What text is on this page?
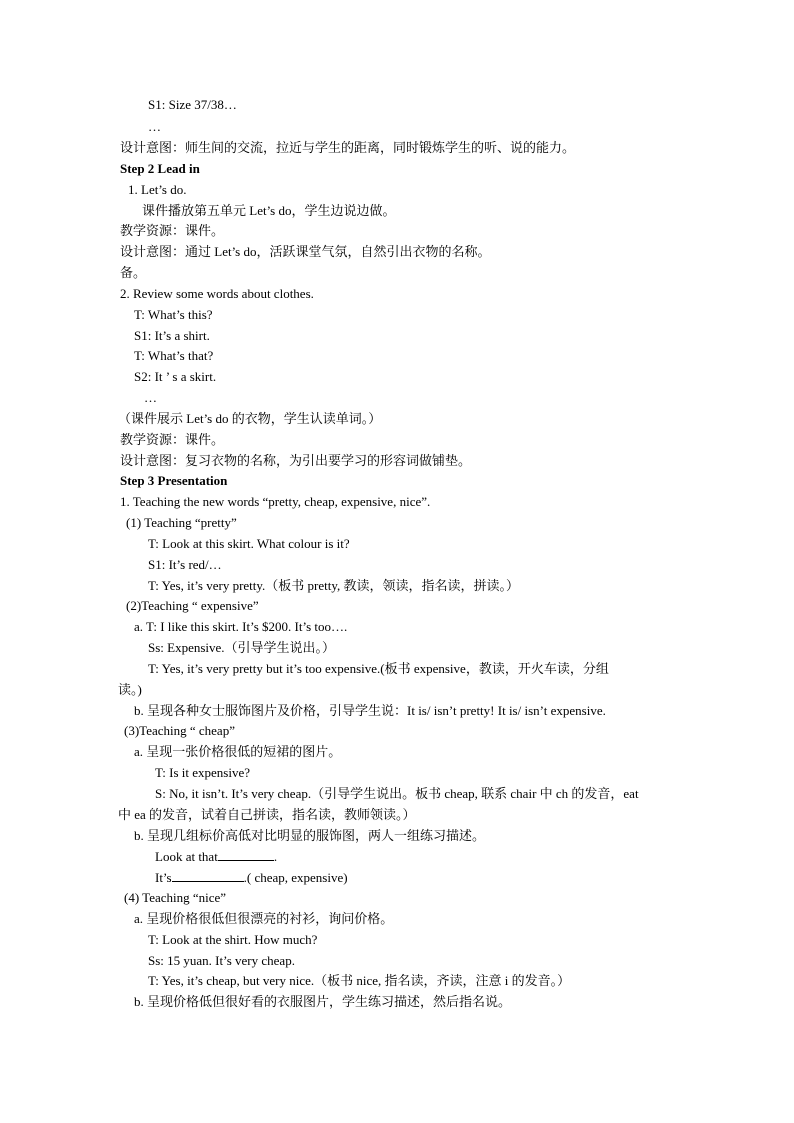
S1: Size 37/38…
…
设计意图：师生间的交流，拉近与学生的距离，同时锻炼学生的听、说的能力。
Step 2 Lead in
1. Let’s do.
课件播放第五单元 Let’s do，学生边说边做。
教学资源：课件。
设计意图：通过 Let’s do，活跃课堂气氛，自然引出衣物的名称。
备。
2. Review some words about clothes.
T: What’s this?
S1: It’s a shirt.
T: What’s that?
S2: It ’ s a skirt.
…
（课件展示 Let’s do 的衣物，学生认读单词。）
教学资源：课件。
设计意图：复习衣物的名称，为引出要学习的形容词做铺垫。
Step 3 Presentation
1. Teaching the new words “pretty, cheap, expensive, nice”.
(1) Teaching “pretty”
T: Look at this skirt. What colour is it?
S1: It’s red/…
T: Yes, it’s very pretty.（板书 pretty, 教读，领读，指名读，拼读。）
(2)Teaching “ expensive”
a. T: I like this skirt. It’s $200. It’s too….
Ss: Expensive.（引导学生说出。）
T: Yes, it’s very pretty but it’s too expensive.(板书 expensive，教读，开火车读，分组
读。)
b. 呈现各种女士服饰图片及价格，引导学生说：It is/ isn’t pretty! It is/ isn’t expensive.
(3)Teaching “ cheap”
a. 呈现一张价格很低的短裙的图片。
T: Is it expensive?
S: No, it isn’t. It’s very cheap.（引导学生说出。板书 cheap, 联系 chair 中 ch 的发音，eat
中 ea 的发音，试着自己拼读，指名读，教师领读。）
b. 呈现几组标价高低对比明显的服饰图，两人一组练习描述。
Look at that	.
It’s	.( cheap, expensive)
(4) Teaching “nice”
a. 呈现价格很低但很漂亮的衬衫，询问价格。
T: Look at the shirt. How much?
Ss: 15 yuan. It’s very cheap.
T: Yes, it’s cheap, but very nice.（板书 nice, 指名读，齐读，注意 i 的发音。）
b. 呈现价格低但很好看的衣服图片，学生练习描述，然后指名说。
